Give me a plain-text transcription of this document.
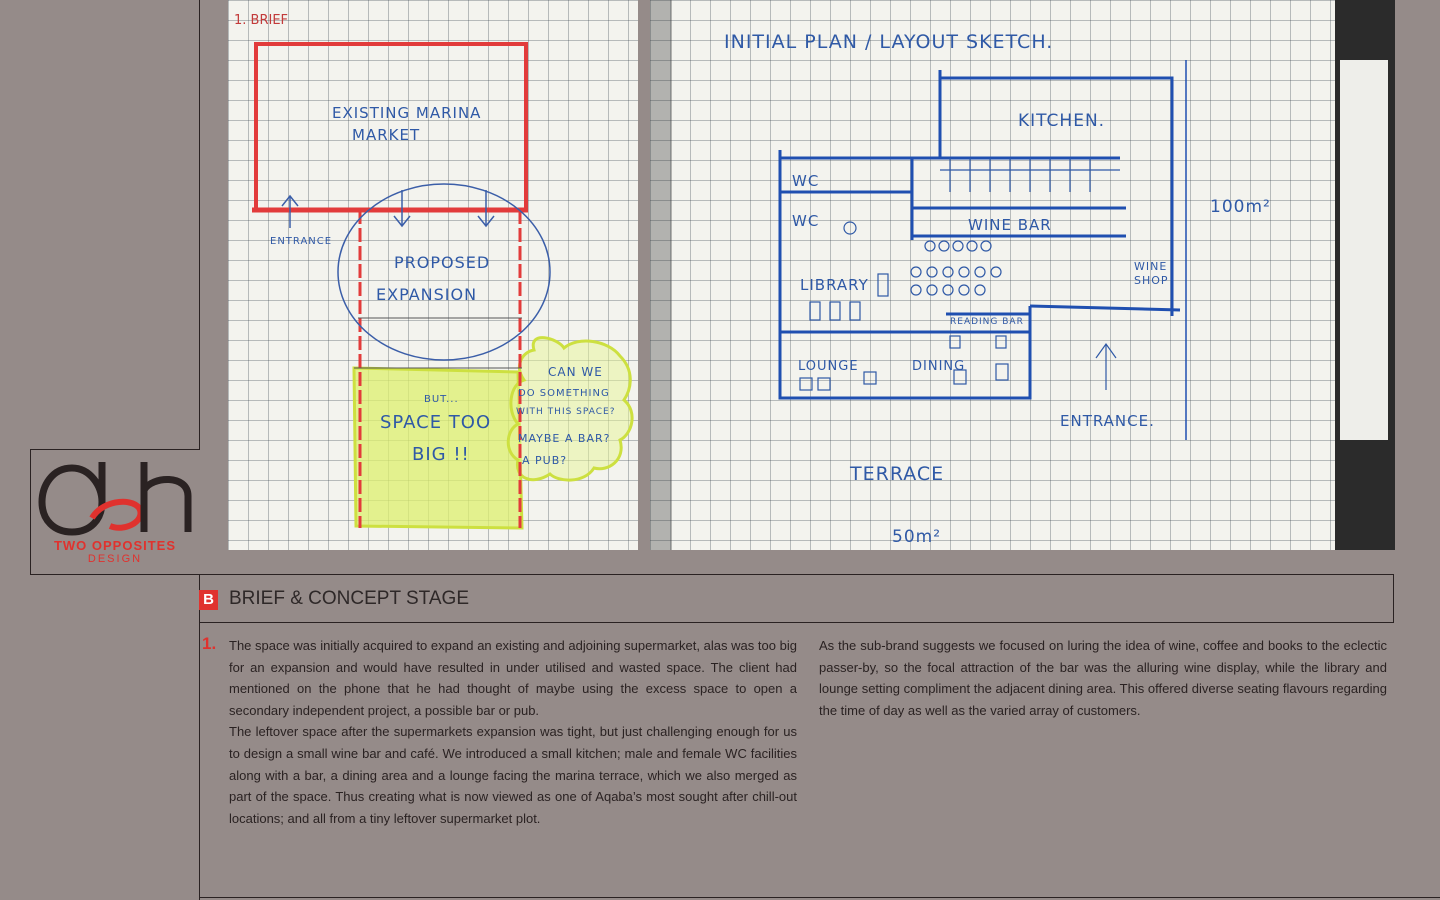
1. BRIEF
EXISTING MARINA
MARKET
ENTRANCE
PROPOSED
EXPANSION
BUT...
SPACE TOO
BIG !!
CAN WE
DO SOMETHING
WITH THIS SPACE?
MAYBE A BAR?
A PUB?
INITIAL PLAN / LAYOUT SKETCH.
KITCHEN.
WC
WC	WINE BAR
100m²
LIBRARY
WINE
SHOP
READING BAR
LOUNGE	DINING
ENTRANCE.
TERRACE
50m²
TWO OPPOSITES
DESIGN
B BRIEF & CONCEPT STAGE
1. The space was initially acquired to expand an existing and adjoining supermarket, alas was too big for an expansion and would have resulted in under utilised and wasted space. The client had mentioned on the phone that he had thought of maybe using the excess space to open a secondary independent project, a possible bar or pub.

The leftover space after the supermarkets expansion was tight, but just challenging enough for us to design a small wine bar and café. We introduced a small kitchen; male and female WC facilities along with a bar, a dining area and a lounge facing the marina terrace, which we also merged as part of the space. Thus creating what is now viewed as one of Aqaba’s most sought after chill-out locations; and all from a tiny leftover supermarket plot.

As the sub-brand suggests we focused on luring the idea of wine, coffee and books to the eclectic passer-by, so the focal attraction of the bar was the alluring wine display, while the library and lounge setting compliment the adjacent dining area. This offered diverse seating flavours regarding the time of day as well as the varied array of customers.
